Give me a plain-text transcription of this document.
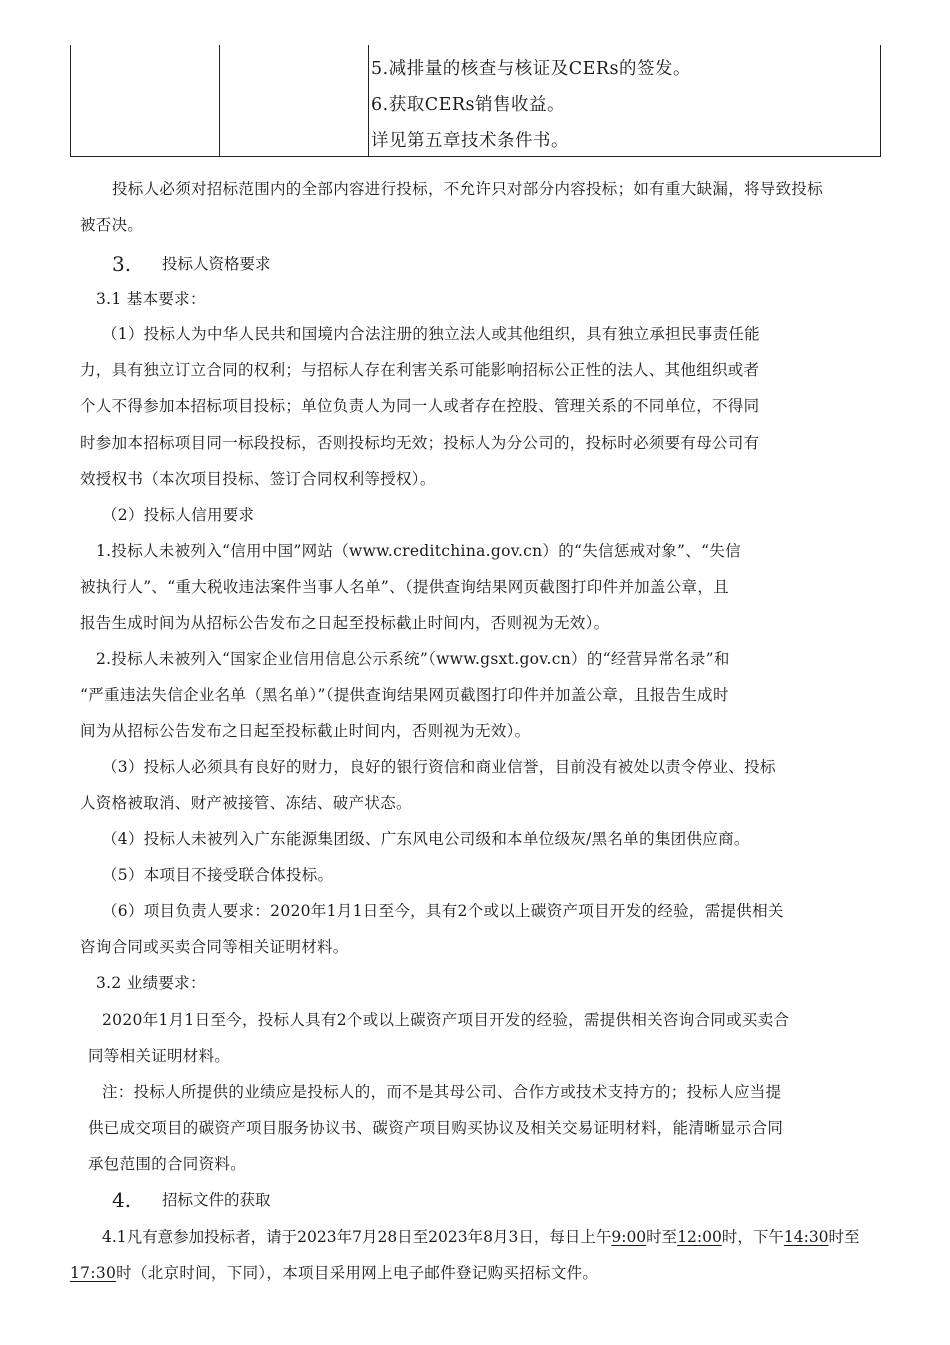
5.减排量的核查与核证及CERs的签发。
6.获取CERs销售收益。
详见第五章技术条件书。
投标人必须对招标范围内的全部内容进行投标，不允许只对部分内容投标；如有重大缺漏，将导致投标
被否决。
3. 投标人资格要求
3.1 基本要求：
（1）投标人为中华人民共和国境内合法注册的独立法人或其他组织，具有独立承担民事责任能
力，具有独立订立合同的权利；与招标人存在利害关系可能影响招标公正性的法人、其他组织或者
个人不得参加本招标项目投标；单位负责人为同一人或者存在控股、管理关系的不同单位，不得同
时参加本招标项目同一标段投标，否则投标均无效；投标人为分公司的，投标时必须要有母公司有
效授权书（本次项目投标、签订合同权利等授权）。
（2）投标人信用要求
1.投标人未被列入“信用中国”网站（www.creditchina.gov.cn）的“失信惩戒对象”、“失信
被执行人”、“重大税收违法案件当事人名单”、（提供查询结果网页截图打印件并加盖公章，且
报告生成时间为从招标公告发布之日起至投标截止时间内，否则视为无效）。
2.投标人未被列入“国家企业信用信息公示系统”（www.gsxt.gov.cn）的“经营异常名录”和
“严重违法失信企业名单（黑名单）”（提供查询结果网页截图打印件并加盖公章，且报告生成时
间为从招标公告发布之日起至投标截止时间内，否则视为无效）。
（3）投标人必须具有良好的财力，良好的银行资信和商业信誉，目前没有被处以责令停业、投标
人资格被取消、财产被接管、冻结、破产状态。
（4）投标人未被列入广东能源集团级、广东风电公司级和本单位级灰/黑名单的集团供应商。
（5）本项目不接受联合体投标。
（6）项目负责人要求：2020年1月1日至今，具有2个或以上碳资产项目开发的经验，需提供相关
咨询合同或买卖合同等相关证明材料。
3.2 业绩要求：
2020年1月1日至今，投标人具有2个或以上碳资产项目开发的经验，需提供相关咨询合同或买卖合
同等相关证明材料。
注：投标人所提供的业绩应是投标人的，而不是其母公司、合作方或技术支持方的；投标人应当提
供已成交项目的碳资产项目服务协议书、碳资产项目购买协议及相关交易证明材料，能清晰显示合同
承包范围的合同资料。
4. 招标文件的获取
4.1凡有意参加投标者，请于2023年7月28日至2023年8月3日，每日上午9:00时至12:00时，下午14:30时至
17:30时（北京时间，下同），本项目采用网上电子邮件登记购买招标文件。
